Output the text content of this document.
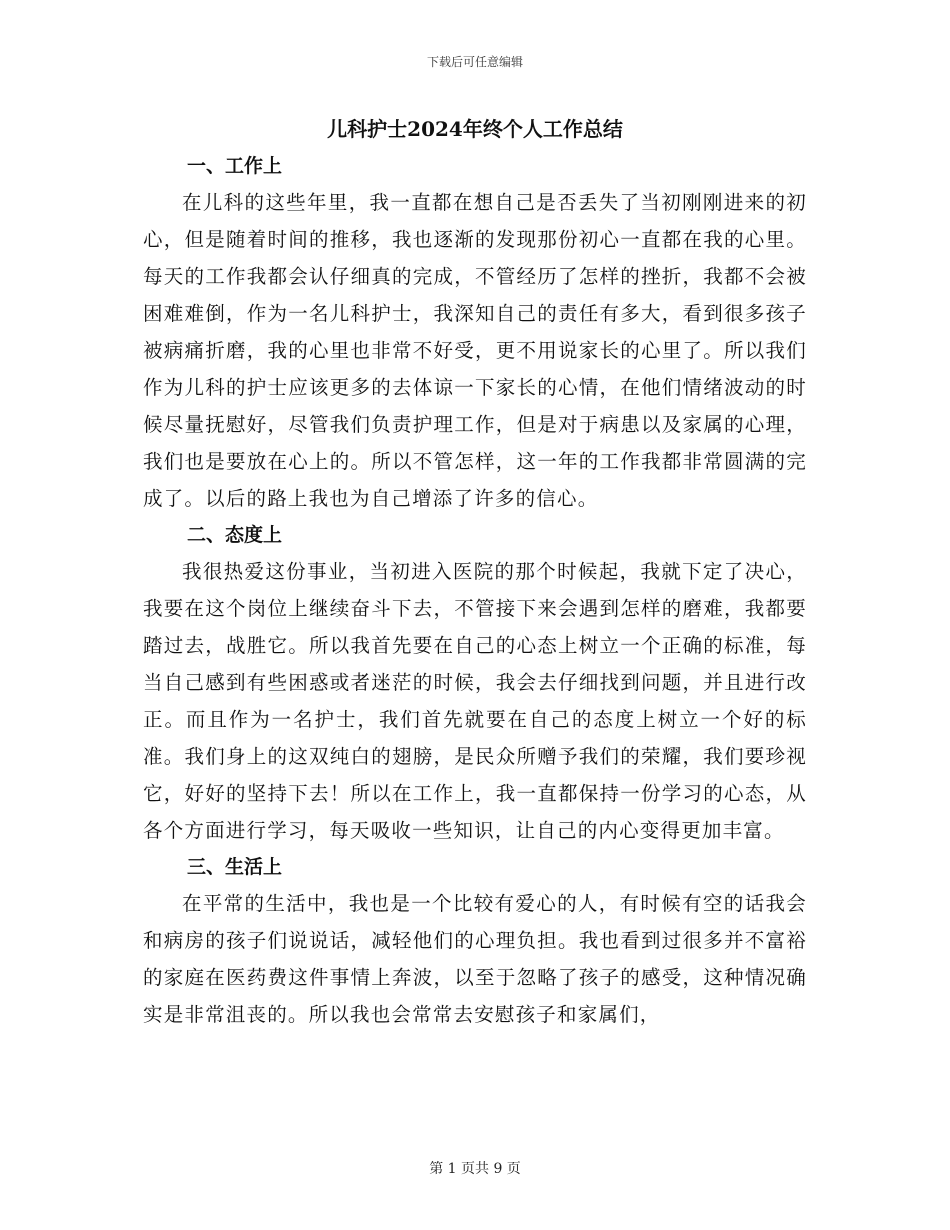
下载后可任意编辑
儿科护士2024年终个人工作总结
一、工作上

在儿科的这些年里，我一直都在想自己是否丢失了当初刚刚进来的初心，但是随着时间的推移，我也逐渐的发现那份初心一直都在我的心里。每天的工作我都会认仔细真的完成，不管经历了怎样的挫折，我都不会被困难难倒，作为一名儿科护士，我深知自己的责任有多大，看到很多孩子被病痛折磨，我的心里也非常不好受，更不用说家长的心里了。所以我们作为儿科的护士应该更多的去体谅一下家长的心情，在他们情绪波动的时候尽量抚慰好，尽管我们负责护理工作，但是对于病患以及家属的心理，我们也是要放在心上的。所以不管怎样，这一年的工作我都非常圆满的完成了。以后的路上我也为自己增添了许多的信心。

二、态度上

我很热爱这份事业，当初进入医院的那个时候起，我就下定了决心，我要在这个岗位上继续奋斗下去，不管接下来会遇到怎样的磨难，我都要踏过去，战胜它。所以我首先要在自己的心态上树立一个正确的标准，每当自己感到有些困惑或者迷茫的时候，我会去仔细找到问题，并且进行改正。而且作为一名护士，我们首先就要在自己的态度上树立一个好的标准。我们身上的这双纯白的翅膀，是民众所赠予我们的荣耀，我们要珍视它，好好的坚持下去！所以在工作上，我一直都保持一份学习的心态，从各个方面进行学习，每天吸收一些知识，让自己的内心变得更加丰富。

三、生活上

在平常的生活中，我也是一个比较有爱心的人，有时候有空的话我会和病房的孩子们说说话，减轻他们的心理负担。我也看到过很多并不富裕的家庭在医药费这件事情上奔波，以至于忽略了孩子的感受，这种情况确实是非常沮丧的。所以我也会常常去安慰孩子和家属们，

第 1 页共 9 页
